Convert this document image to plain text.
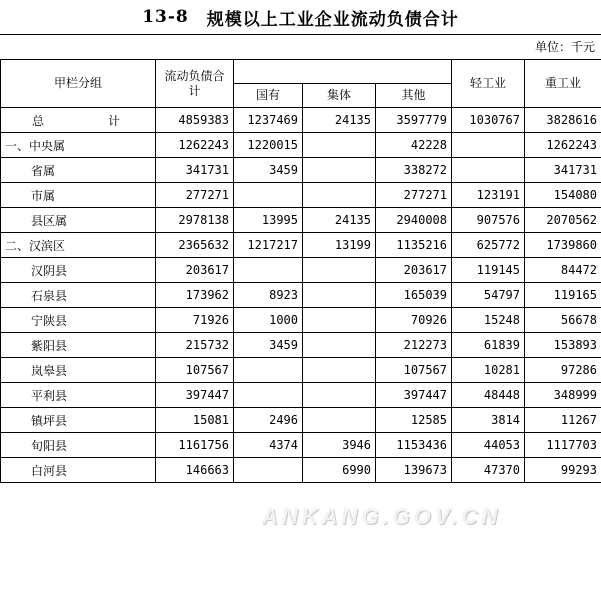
13-8 规模以上工业企业流动负债合计
单位：千元
甲栏分组	流动负债合计				轻工业	重工业
		国有	集体	其他		
总　计	4859383	1237469	24135	3597779	1030767	3828616
一、中央属	1262243	1220015		42228		1262243
省属	341731	3459		338272		341731
市属	277271			277271	123191	154080
县区属	2978138	13995	24135	2940008	907576	2070562
二、汉滨区	2365632	1217217	13199	1135216	625772	1739860
汉阴县	203617			203617	119145	84472
石泉县	173962	8923		165039	54797	119165
宁陕县	71926	1000		70926	15248	56678
紫阳县	215732	3459		212273	61839	153893
岚皋县	107567			107567	10281	97286
平利县	397447			397447	48448	348999
镇坪县	15081	2496		12585	3814	11267
旬阳县	1161756	4374	3946	1153436	44053	1117703
白河县	146663		6990	139673	47370	99293
ANKANG.GOV.CN
